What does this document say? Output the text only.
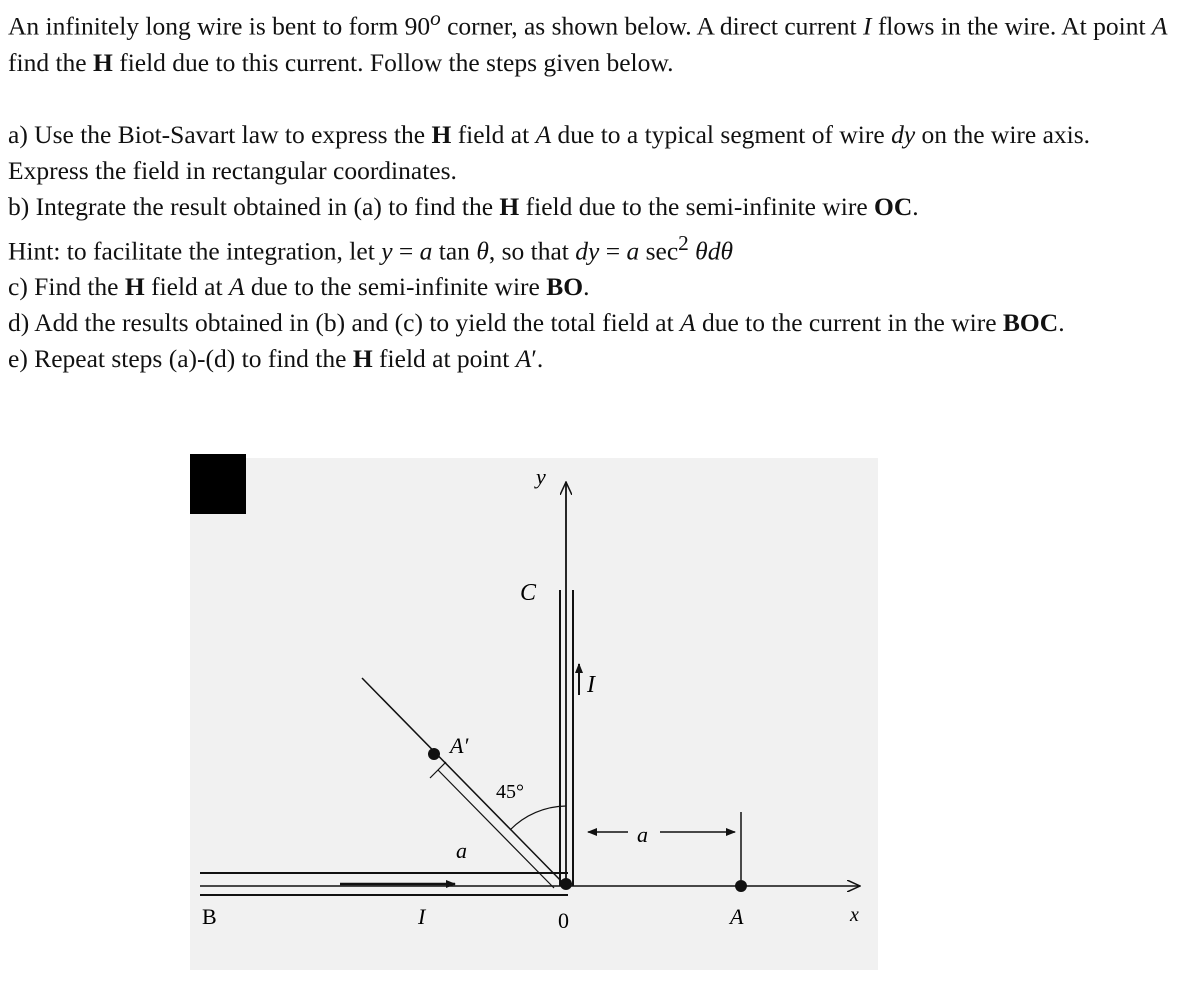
An infinitely long wire is bent to form 90$^o$ corner, as shown below. A direct current I flows in the wire. At point A find the H field due to this current. Follow the steps given below.

a) Use the Biot-Savart law to express the H field at A due to a typical segment of wire dy on the wire axis. Express the field in rectangular coordinates.

b) Integrate the result obtained in (a) to find the H field due to the semi-infinite wire OC.

Hint: to facilitate the integration, let y = a tan θ, so that dy = a $\sec^2 \theta d\theta$

c) Find the H field at A due to the semi-infinite wire BO.

d) Add the results obtained in (b) and (c) to yield the total field at A due to the current in the wire BOC.

e) Repeat steps (a)-(d) to find the H field at point A′.

y
C
I
x
I
a
A′
45°
a
A
0
B
